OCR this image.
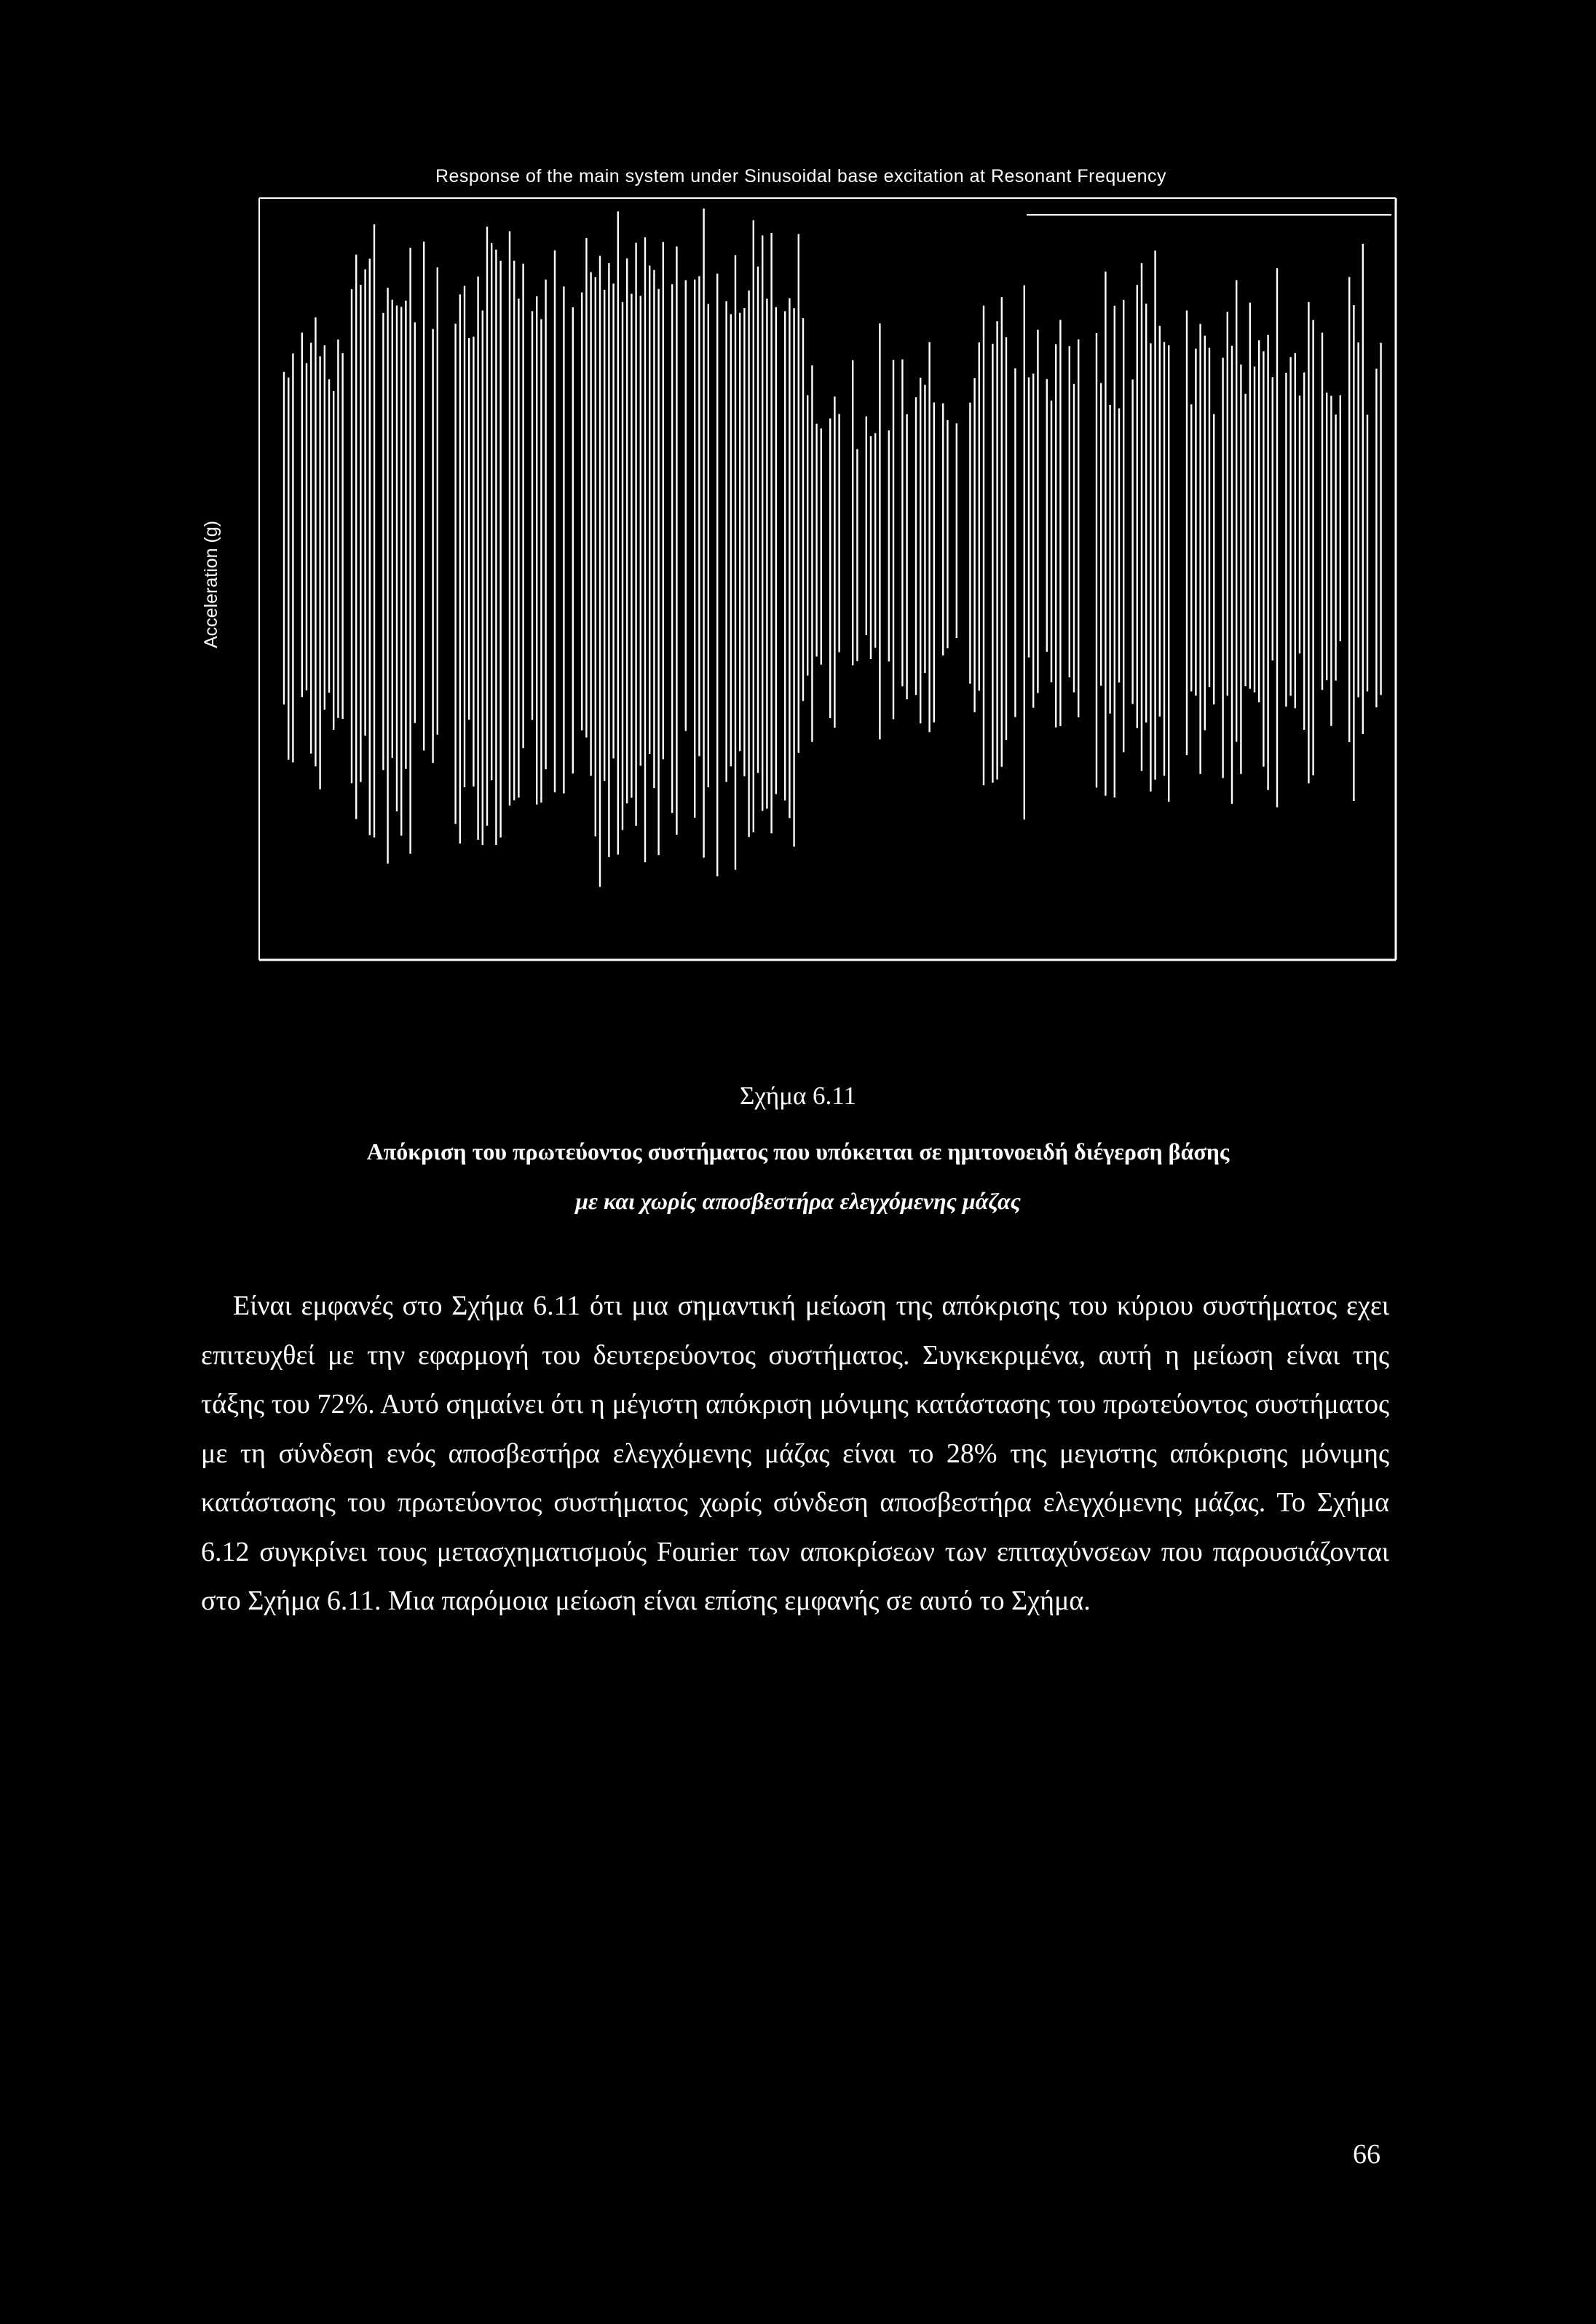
Response of the main system under Sinusoidal base excitation at Resonant Frequency
Acceleration (g)
Σχήμα 6.11
Απόκριση του πρωτεύοντος συστήματος που υπόκειται σε ημιτονοειδή διέγερση βάσης
με και χωρίς αποσβεστήρα ελεγχόμενης μάζας
Είναι εμφανές στο Σχήμα 6.11 ότι μια σημαντική μείωση της απόκρισης του κύριου συστήματος εχει επιτευχθεί με την εφαρμογή του δευτερεύοντος συστήματος. Συγκεκριμένα, αυτή η μείωση είναι της τάξης του 72%. Αυτό σημαίνει ότι η μέγιστη απόκριση μόνιμης κατάστασης του πρωτεύοντος συστήματος με τη σύνδεση ενός αποσβεστήρα ελεγχόμενης μάζας είναι το 28% της μεγιστης απόκρισης μόνιμης κατάστασης του πρωτεύοντος συστήματος χωρίς σύνδεση αποσβεστήρα ελεγχόμενης μάζας. Το Σχήμα 6.12 συγκρίνει τους μετασχηματισμούς Fourier των αποκρίσεων των επιταχύνσεων που παρουσιάζονται στο Σχήμα 6.11. Μια παρόμοια μείωση είναι επίσης εμφανής σε αυτό το Σχήμα.
66
